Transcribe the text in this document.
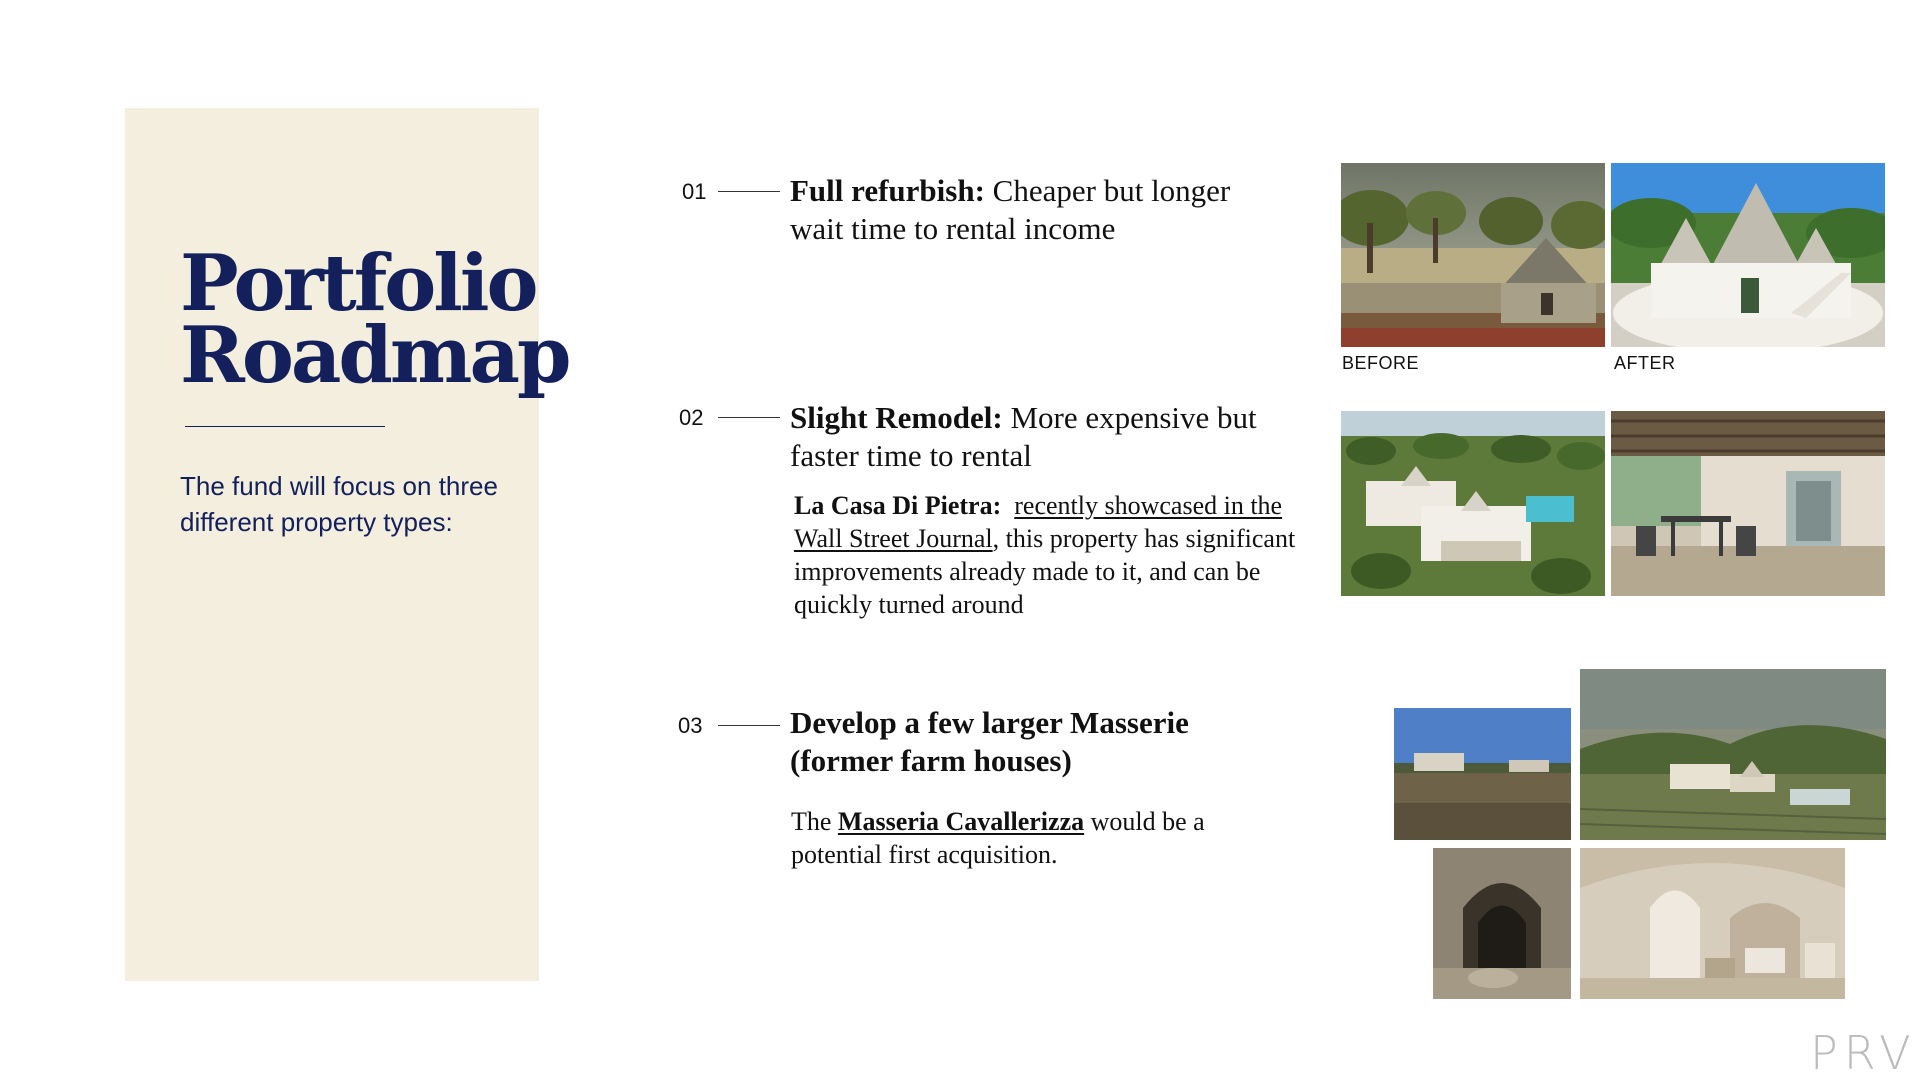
Portfolio
Roadmap
The fund will focus on three different property types:
01	Full refurbish: Cheaper but longer wait time to rental income
BEFORE	AFTER
02	Slight Remodel: More expensive but faster time to rental
La Casa Di Pietra: recently showcased in the Wall Street Journal, this property has significant improvements already made to it, and can be quickly turned around
03	Develop a few larger Masserie (former farm houses)
The Masseria Cavallerizza would be a potential first acquisition.
PRV
